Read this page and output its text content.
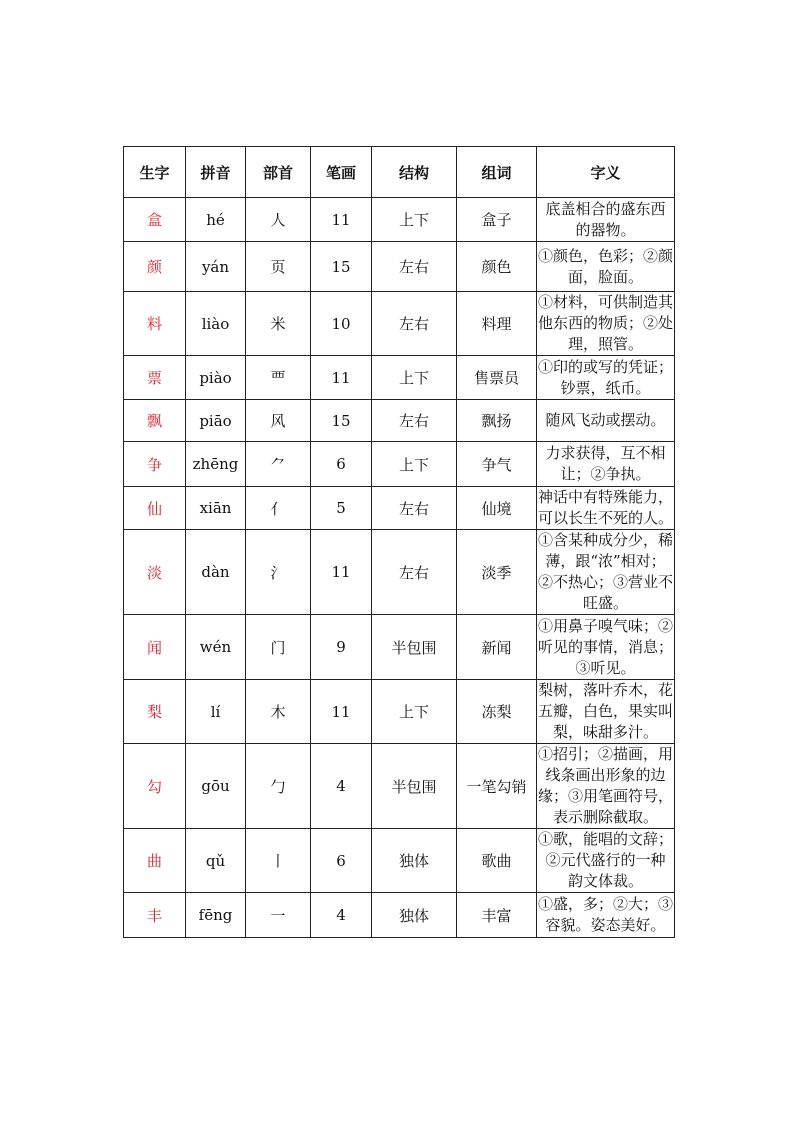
生字	拼音	部首	笔画	结构	组词	字义
盒	hé	人	11	上下	盒子	底盖相合的盛东西
的器物。
颜	yán	页	15	左右	颜色	①颜色，色彩；②颜
面，脸面。
料	liào	米	10	左右	料理	①材料，可供制造其
他东西的物质；②处
理，照管。
票	piào	覀	11	上下	售票员	①印的或写的凭证；
钞票，纸币。
飘	piāo	风	15	左右	飘扬	随风飞动或摆动。
争	zhēng	⺈	6	上下	争气	力求获得，互不相
让；②争执。
仙	xiān	亻	5	左右	仙境	神话中有特殊能力，
可以长生不死的人。
淡	dàn	氵	11	左右	淡季	①含某种成分少，稀
薄，跟“浓”相对；
②不热心；③营业不
旺盛。
闻	wén	门	9	半包围	新闻	①用鼻子嗅气味；②
听见的事情，消息；
③听见。
梨	lí	木	11	上下	冻梨	梨树，落叶乔木，花
五瓣，白色，果实叫
梨，味甜多汁。
勾	gōu	勹	4	半包围	一笔勾销	①招引；②描画，用
线条画出形象的边
缘；③用笔画符号，
表示删除截取。
曲	qǔ	丨	6	独体	歌曲	①歌，能唱的文辞；
②元代盛行的一种
韵文体裁。
丰	fēng	一	4	独体	丰富	①盛，多；②大；③
容貌。姿态美好。
